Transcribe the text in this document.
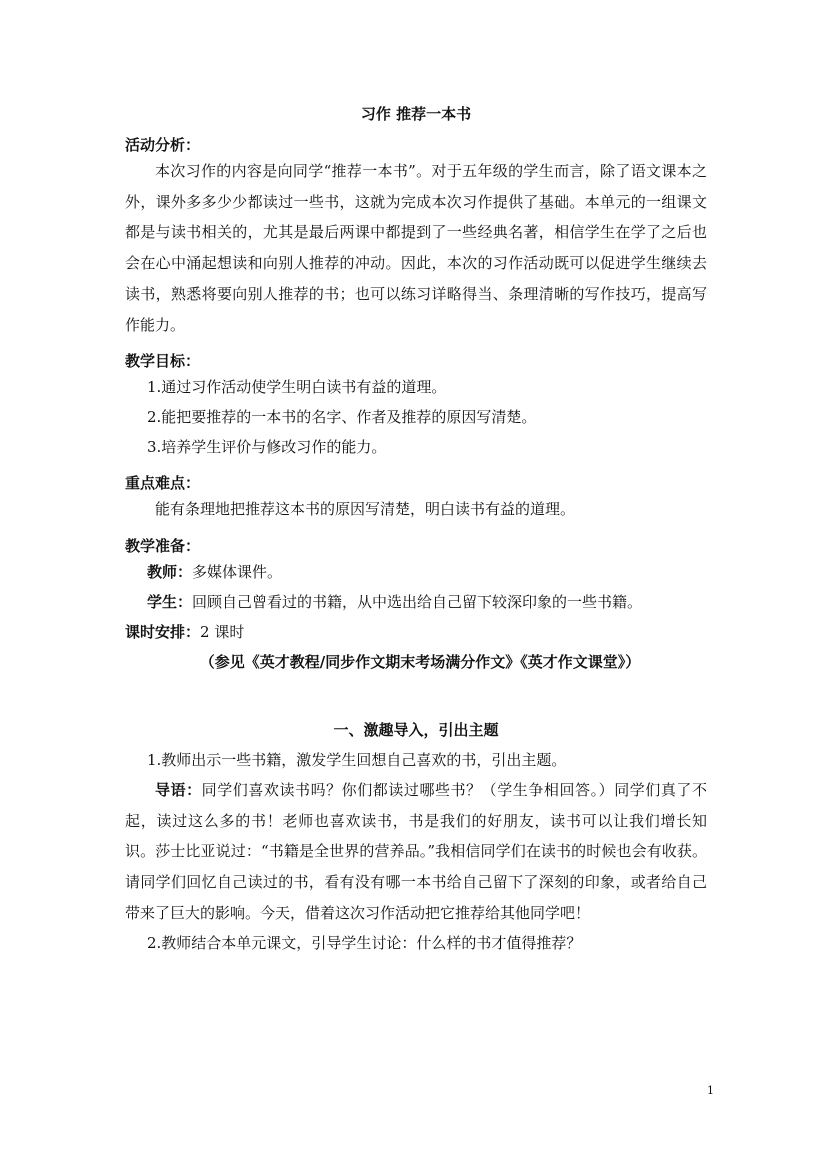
习作 推荐一本书
活动分析：

本次习作的内容是向同学“推荐一本书”。对于五年级的学生而言，除了语文课本之外，课外多多少少都读过一些书，这就为完成本次习作提供了基础。本单元的一组课文都是与读书相关的，尤其是最后两课中都提到了一些经典名著，相信学生在学了之后也会在心中涌起想读和向别人推荐的冲动。因此，本次的习作活动既可以促进学生继续去读书，熟悉将要向别人推荐的书；也可以练习详略得当、条理清晰的写作技巧，提高写作能力。

教学目标：

1.通过习作活动使学生明白读书有益的道理。

2.能把要推荐的一本书的名字、作者及推荐的原因写清楚。

3.培养学生评价与修改习作的能力。

重点难点：

能有条理地把推荐这本书的原因写清楚，明白读书有益的道理。

教学准备：

教师：多媒体课件。

学生：回顾自己曾看过的书籍，从中选出给自己留下较深印象的一些书籍。

课时安排：2 课时

（参见《英才教程/同步作文期末考场满分作文》《英才作文课堂》）

一、激趣导入，引出主题

1.教师出示一些书籍，激发学生回想自己喜欢的书，引出主题。

导语：同学们喜欢读书吗？你们都读过哪些书？（学生争相回答。）同学们真了不起，读过这么多的书！老师也喜欢读书，书是我们的好朋友，读书可以让我们增长知识。莎士比亚说过：“书籍是全世界的营养品。”我相信同学们在读书的时候也会有收获。请同学们回忆自己读过的书，看有没有哪一本书给自己留下了深刻的印象，或者给自己带来了巨大的影响。今天，借着这次习作活动把它推荐给其他同学吧！

2.教师结合本单元课文，引导学生讨论：什么样的书才值得推荐？

1
